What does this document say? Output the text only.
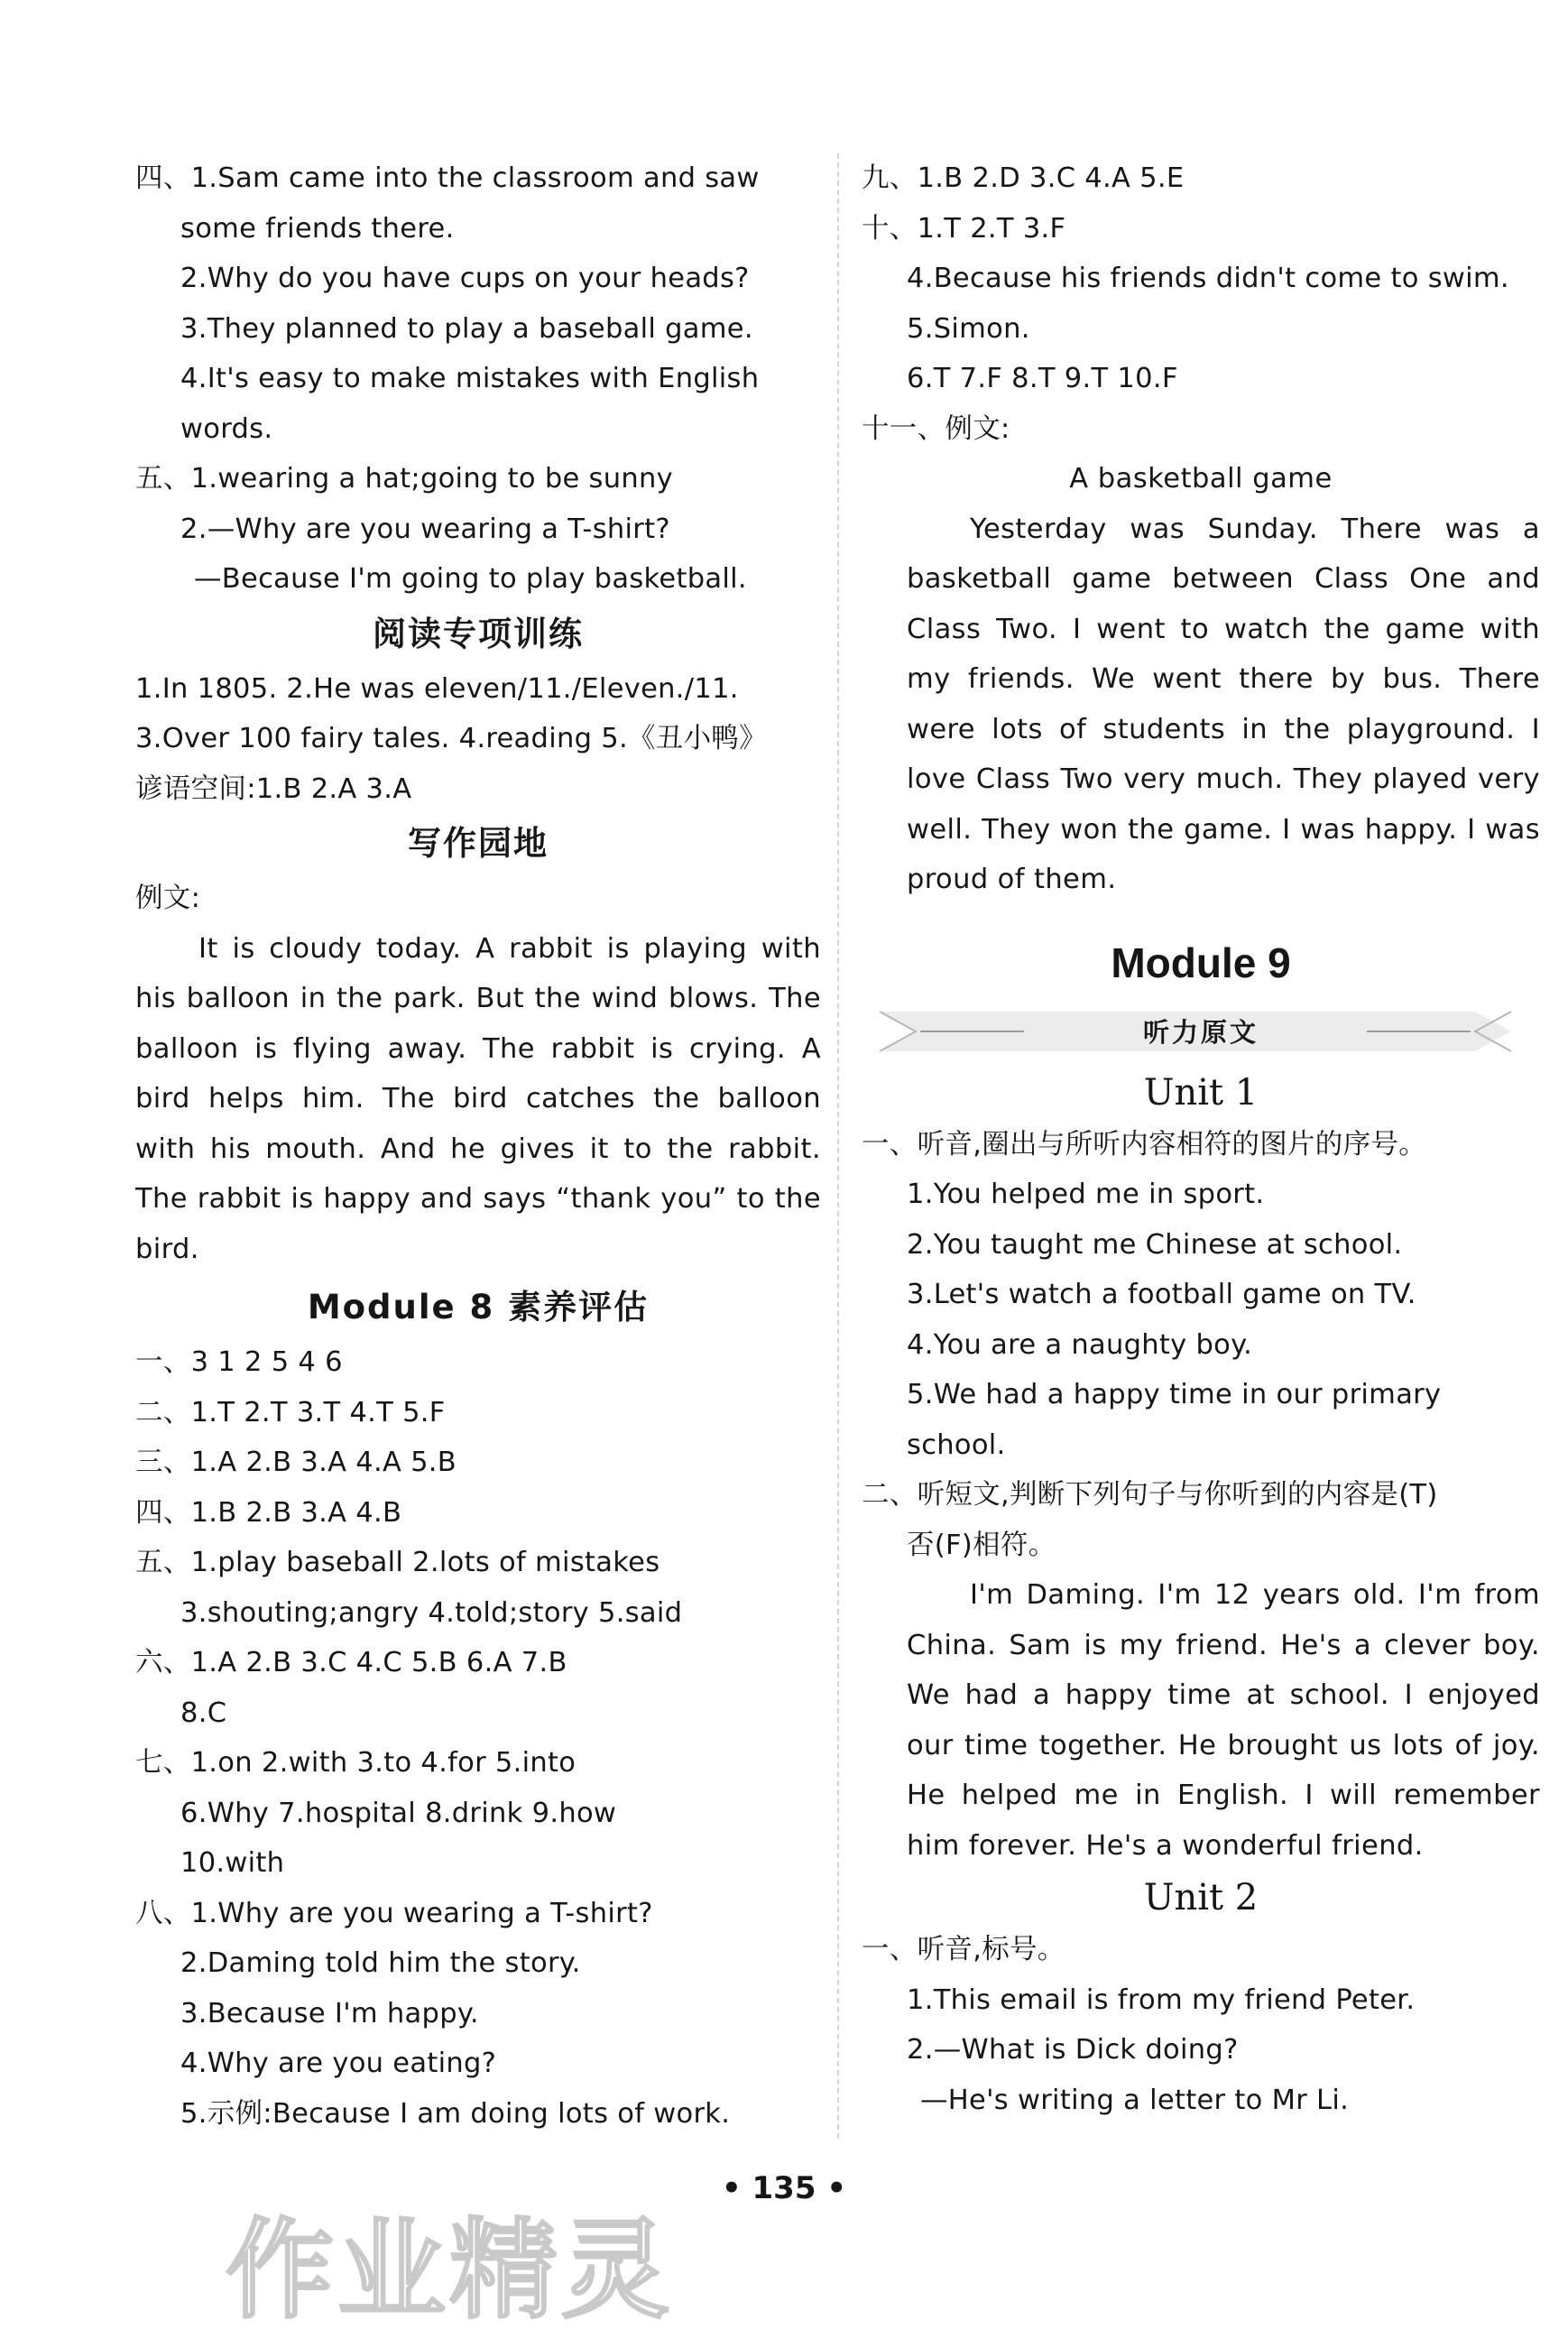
四、1.Sam came into the classroom and saw
some friends there.
2.Why do you have cups on your heads?
3.They planned to play a baseball game.
4.It's easy to make mistakes with English
words.
五、1.wearing a hat;going to be sunny
2.—Why are you wearing a T-shirt?
—Because I'm going to play basketball.
阅读专项训练
1.In 1805. 2.He was eleven/11./Eleven./11.
3.Over 100 fairy tales. 4.reading 5.《丑小鸭》
谚语空间:1.B 2.A 3.A
写作园地
例文:

It is cloudy today. A rabbit is playing with his balloon in the park. But the wind blows. The balloon is flying away. The rabbit is crying. A bird helps him. The bird catches the balloon with his mouth. And he gives it to the rabbit. The rabbit is happy and says “thank you” to the bird.

Module 8 素养评估
一、3 1 2 5 4 6
二、1.T 2.T 3.T 4.T 5.F
三、1.A 2.B 3.A 4.A 5.B
四、1.B 2.B 3.A 4.B
五、1.play baseball 2.lots of mistakes
3.shouting;angry 4.told;story 5.said
六、1.A 2.B 3.C 4.C 5.B 6.A 7.B
8.C
七、1.on 2.with 3.to 4.for 5.into
6.Why 7.hospital 8.drink 9.how
10.with
八、1.Why are you wearing a T-shirt?
2.Daming told him the story.
3.Because I'm happy.
4.Why are you eating?
5.示例:Because I am doing lots of work.
九、1.B 2.D 3.C 4.A 5.E
十、1.T 2.T 3.F
4.Because his friends didn't come to swim.
5.Simon.
6.T 7.F 8.T 9.T 10.F
十一、例文:
A basketball game

Yesterday was Sunday. There was a basketball game between Class One and Class Two. I went to watch the game with my friends. We went there by bus. There were lots of students in the playground. I love Class Two very much. They played very well. They won the game. I was happy. I was proud of them.

Module 9
听力原文
Unit 1
一、听音,圈出与所听内容相符的图片的序号。
1.You helped me in sport.
2.You taught me Chinese at school.
3.Let's watch a football game on TV.
4.You are a naughty boy.
5.We had a happy time in our primary
school.
二、听短文,判断下列句子与你听到的内容是(T)
否(F)相符。

I'm Daming. I'm 12 years old. I'm from China. Sam is my friend. He's a clever boy. We had a happy time at school. I enjoyed our time together. He brought us lots of joy. He helped me in English. I will remember him forever. He's a wonderful friend.

Unit 2
一、听音,标号。
1.This email is from my friend Peter.
2.—What is Dick doing?
—He's writing a letter to Mr Li.
• 135 •
作业精灵
